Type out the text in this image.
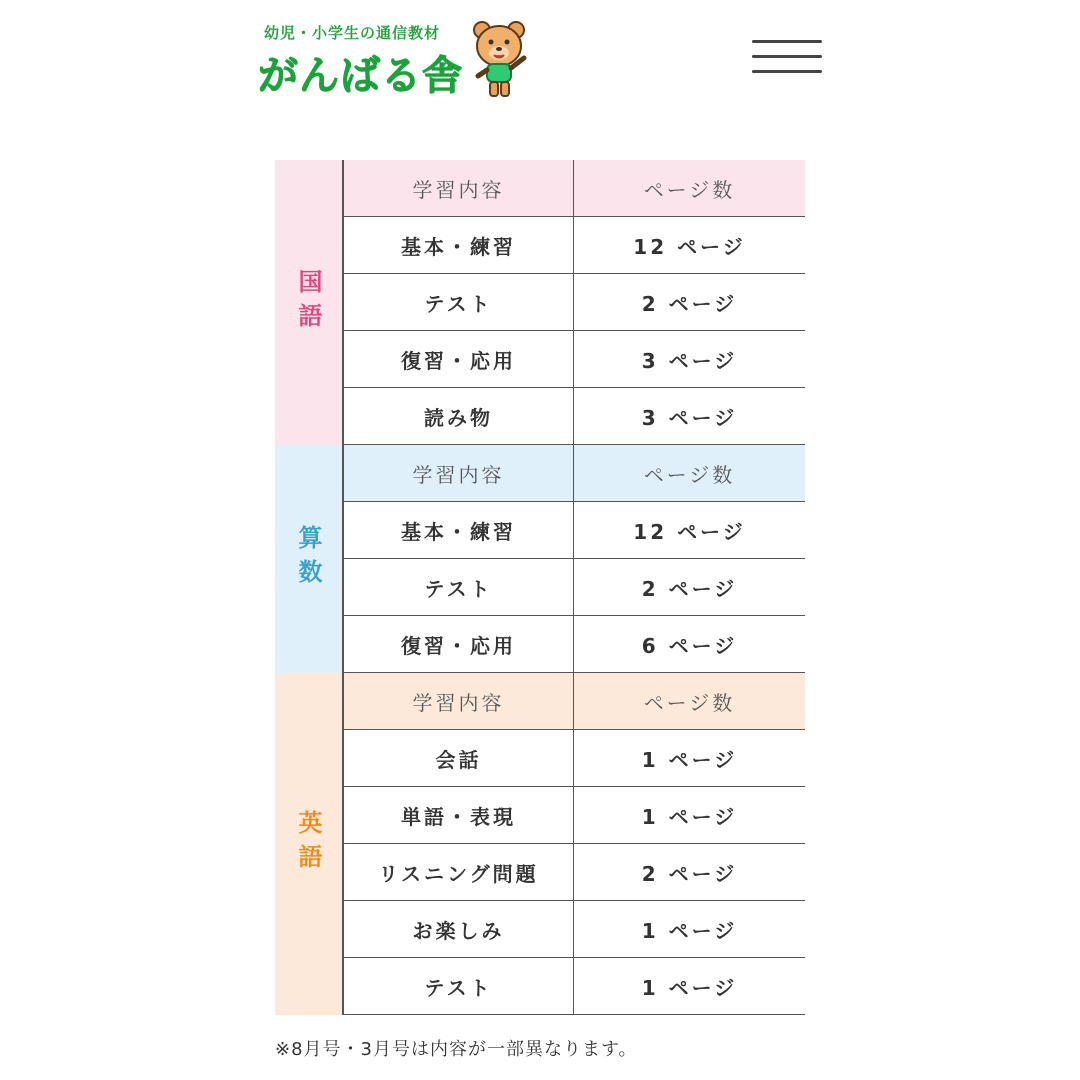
幼児・小学生の通信教材
がんばる舎
国語
学習内容	ページ数
基本・練習	12 ページ
テスト	2 ページ
復習・応用	3 ページ
読み物	3 ページ
算数
学習内容	ページ数
基本・練習	12 ページ
テスト	2 ページ
復習・応用	6 ページ
英語
学習内容	ページ数
会話	1 ページ
単語・表現	1 ページ
リスニング問題	2 ページ
お楽しみ	1 ページ
テスト	1 ページ
※8月号・3月号は内容が一部異なります。
